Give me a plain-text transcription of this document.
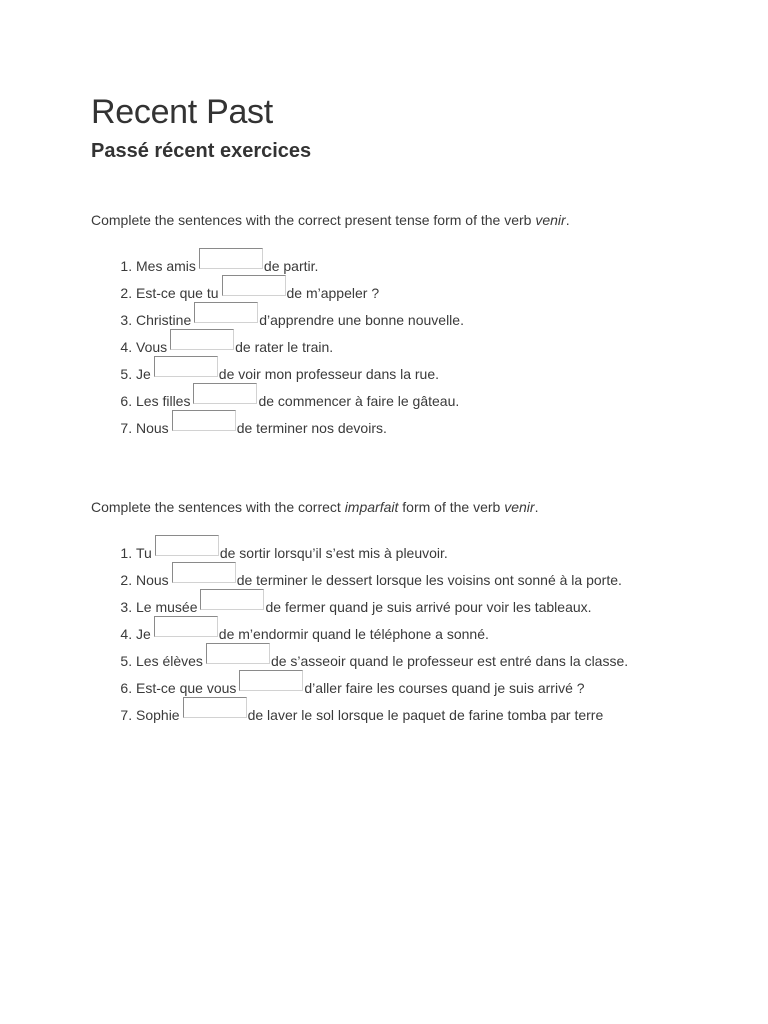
Recent Past
Passé récent exercices

Complete the sentences with the correct present tense form of the verb venir.

1. Mes amis	de partir.
2. Est-ce que tu	de m’appeler ?
3. Christine	d’apprendre une bonne nouvelle.
4. Vous	de rater le train.
5. Je	de voir mon professeur dans la rue.
6. Les filles	de commencer à faire le gâteau.
7. Nous	de terminer nos devoirs.

Complete the sentences with the correct imparfait form of the verb venir.

1. Tu	de sortir lorsqu’il s’est mis à pleuvoir.
2. Nous	de terminer le dessert lorsque les voisins ont sonné à la porte.
3. Le musée	de fermer quand je suis arrivé pour voir les tableaux.
4. Je	de m’endormir quand le téléphone a sonné.
5. Les élèves	de s’asseoir quand le professeur est entré dans la classe.
6. Est-ce que vous	d’aller faire les courses quand je suis arrivé ?
7. Sophie	de laver le sol lorsque le paquet de farine tomba par terre
